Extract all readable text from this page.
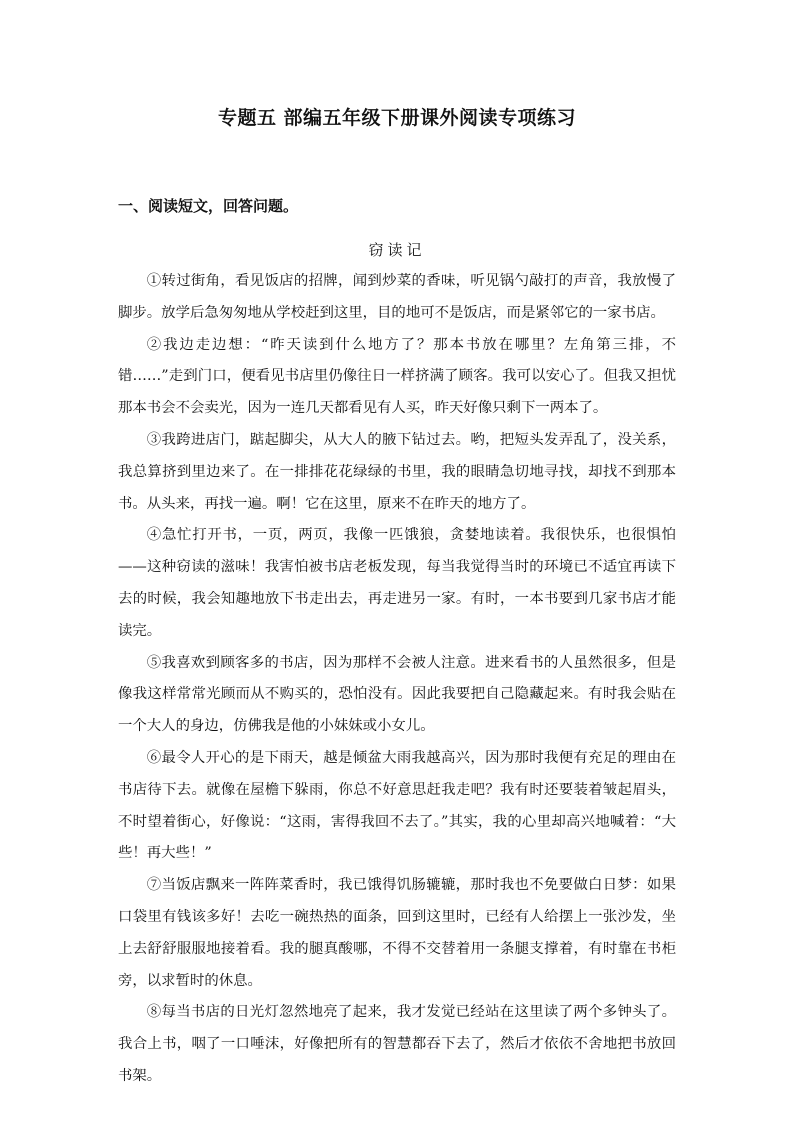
专题五 部编五年级下册课外阅读专项练习
一、阅读短文，回答问题。
窃读记

①转过街角，看见饭店的招牌，闻到炒菜的香味，听见锅勺敲打的声音，我放慢了脚步。放学后急匆匆地从学校赶到这里，目的地可不是饭店，而是紧邻它的一家书店。

②我边走边想：“昨天读到什么地方了？那本书放在哪里？左角第三排，不错……”走到门口，便看见书店里仍像往日一样挤满了顾客。我可以安心了。但我又担忧那本书会不会卖光，因为一连几天都看见有人买，昨天好像只剩下一两本了。

③我跨进店门，踮起脚尖，从大人的腋下钻过去。哟，把短头发弄乱了，没关系，我总算挤到里边来了。在一排排花花绿绿的书里，我的眼睛急切地寻找，却找不到那本书。从头来，再找一遍。啊！它在这里，原来不在昨天的地方了。

④急忙打开书，一页，两页，我像一匹饿狼，贪婪地读着。我很快乐，也很惧怕——这种窃读的滋味！我害怕被书店老板发现，每当我觉得当时的环境已不适宜再读下去的时候，我会知趣地放下书走出去，再走进另一家。有时，一本书要到几家书店才能读完。

⑤我喜欢到顾客多的书店，因为那样不会被人注意。进来看书的人虽然很多，但是像我这样常常光顾而从不购买的，恐怕没有。因此我要把自己隐藏起来。有时我会贴在一个大人的身边，仿佛我是他的小妹妹或小女儿。

⑥最令人开心的是下雨天，越是倾盆大雨我越高兴，因为那时我便有充足的理由在书店待下去。就像在屋檐下躲雨，你总不好意思赶我走吧？我有时还要装着皱起眉头，不时望着街心，好像说：“这雨，害得我回不去了。”其实，我的心里却高兴地喊着：“大些！再大些！”

⑦当饭店飘来一阵阵菜香时，我已饿得饥肠辘辘，那时我也不免要做白日梦：如果口袋里有钱该多好！去吃一碗热热的面条，回到这里时，已经有人给摆上一张沙发，坐上去舒舒服服地接着看。我的腿真酸哪，不得不交替着用一条腿支撑着，有时靠在书柜旁，以求暂时的休息。

⑧每当书店的日光灯忽然地亮了起来，我才发觉已经站在这里读了两个多钟头了。我合上书，咽了一口唾沫，好像把所有的智慧都吞下去了，然后才依依不舍地把书放回书架。
